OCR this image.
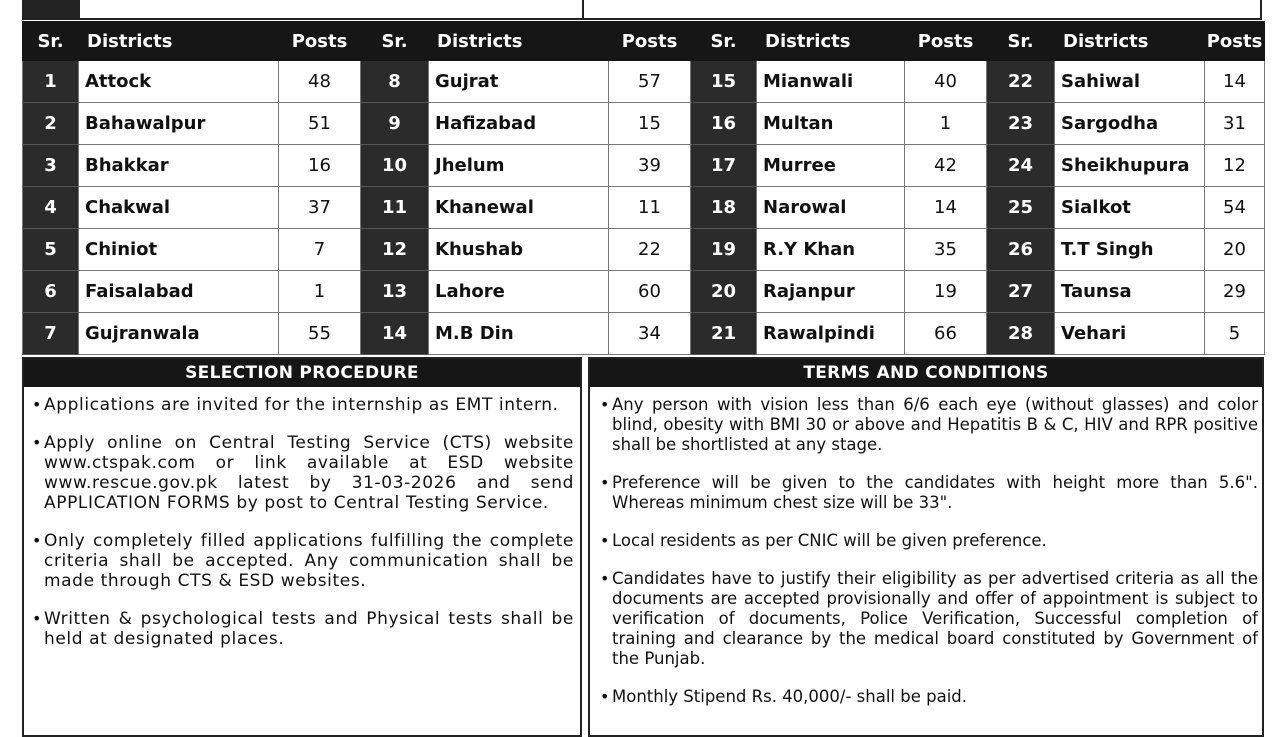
Sr.	Districts	Posts	Sr.	Districts	Posts	Sr.	Districts	Posts	Sr.	Districts	Posts
1	Attock	48	8	Gujrat	57	15	Mianwali	40	22	Sahiwal	14
2	Bahawalpur	51	9	Hafizabad	15	16	Multan	1	23	Sargodha	31
3	Bhakkar	16	10	Jhelum	39	17	Murree	42	24	Sheikhupura	12
4	Chakwal	37	11	Khanewal	11	18	Narowal	14	25	Sialkot	54
5	Chiniot	7	12	Khushab	22	19	R.Y Khan	35	26	T.T Singh	20
6	Faisalabad	1	13	Lahore	60	20	Rajanpur	19	27	Taunsa	29
7	Gujranwala	55	14	M.B Din	34	21	Rawalpindi	66	28	Vehari	5
SELECTION PROCEDURE
• Applications are invited for the internship as EMT intern.
• Apply online on Central Testing Service (CTS) website www.ctspak.com or link available at ESD website www.rescue.gov.pk latest by 31-03-2026 and send APPLICATION FORMS by post to Central Testing Service.
• Only completely filled applications fulfilling the complete criteria shall be accepted. Any communication shall be made through CTS & ESD websites.
• Written & psychological tests and Physical tests shall be held at designated places.
TERMS AND CONDITIONS
• Any person with vision less than 6/6 each eye (without glasses) and color blind, obesity with BMI 30 or above and Hepatitis B & C, HIV and RPR positive shall be shortlisted at any stage.
• Preference will be given to the candidates with height more than 5.6". Whereas minimum chest size will be 33".
• Local residents as per CNIC will be given preference.
• Candidates have to justify their eligibility as per advertised criteria as all the documents are accepted provisionally and offer of appointment is subject to verification of documents, Police Verification, Successful completion of training and clearance by the medical board constituted by Government of the Punjab.
• Monthly Stipend Rs. 40,000/- shall be paid.
